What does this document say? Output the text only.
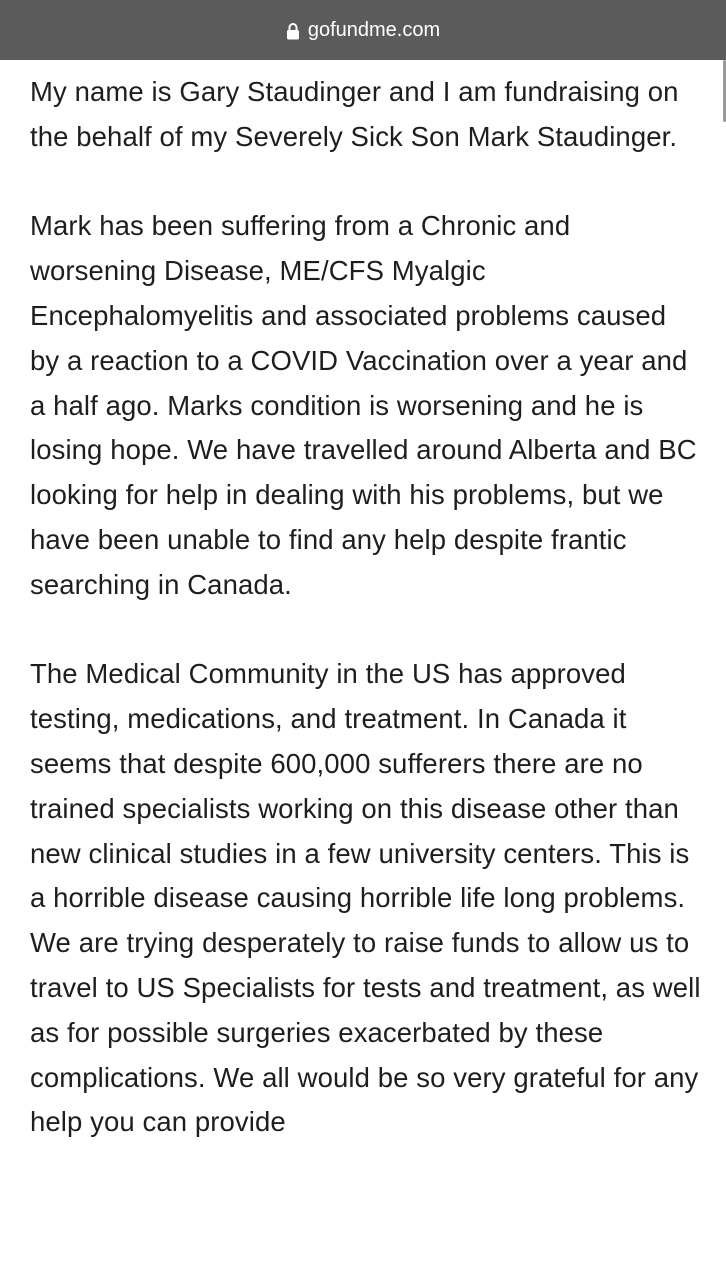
gofundme.com

My name is Gary Staudinger and I am fundraising on the behalf of my Severely Sick Son Mark Staudinger.

Mark has been suffering from a Chronic and worsening Disease, ME/CFS Myalgic Encephalomyelitis and associated problems caused by a reaction to a COVID Vaccination over a year and a half ago. Marks condition is worsening and he is losing hope. We have travelled around Alberta and BC looking for help in dealing with his problems, but we have been unable to find any help despite frantic searching in Canada.

The Medical Community in the US has approved testing, medications, and treatment. In Canada it seems that despite 600,000 sufferers there are no trained specialists working on this disease other than new clinical studies in a few university centers. This is a horrible disease causing horrible life long problems. We are trying desperately to raise funds to allow us to travel to US Specialists for tests and treatment, as well as for possible surgeries exacerbated by these complications. We all would be so very grateful for any help you can provide
